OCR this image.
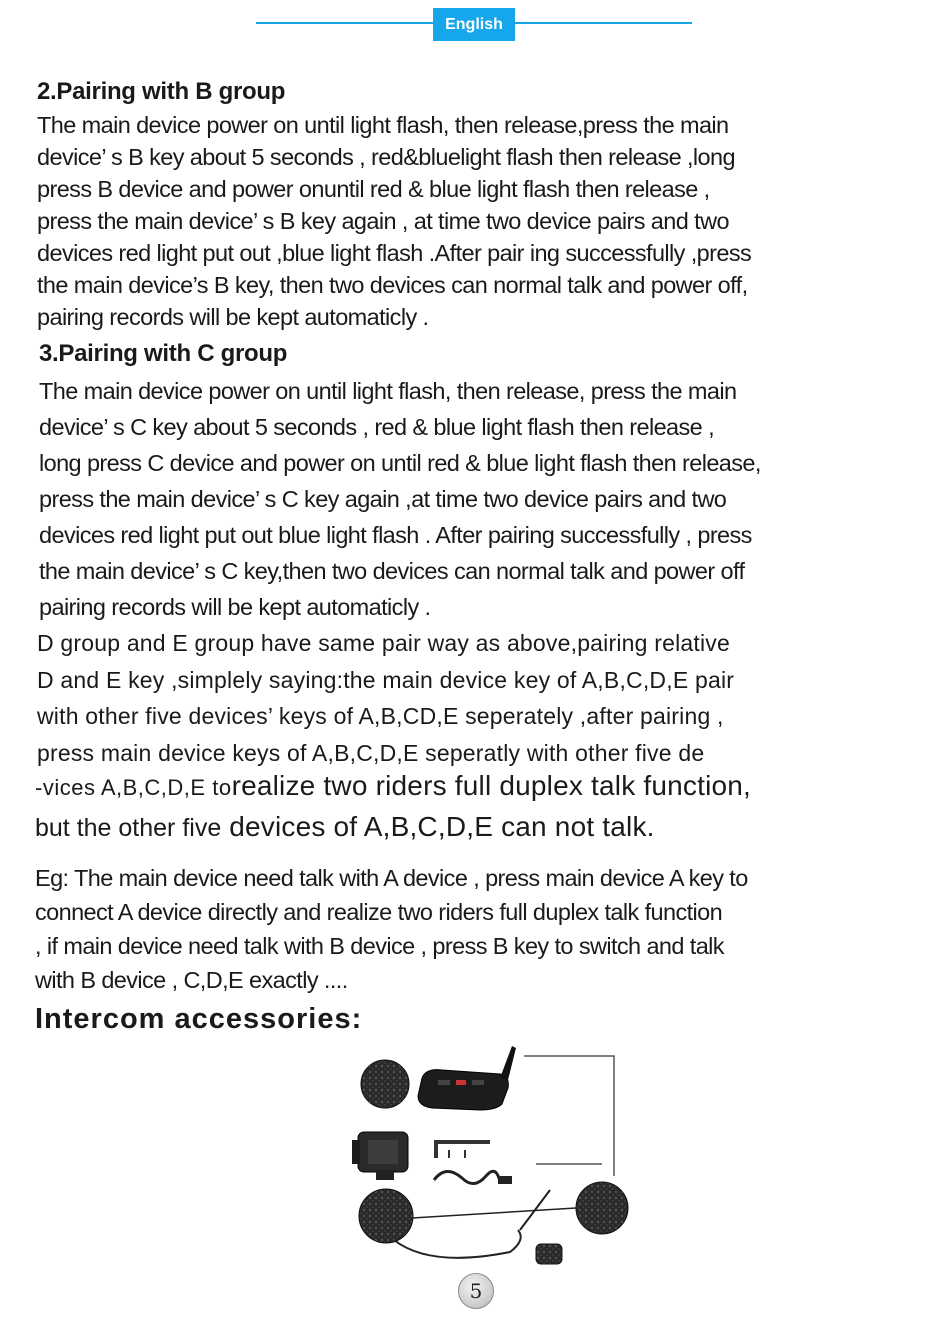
English
2.Pairing with B group
The main device power on until light flash, then release,press the main
device’ s B key about 5 seconds , red&bluelight flash then release ,long
press B device and power onuntil red & blue light flash then release ,
press the main device’ s B key again , at time two device pairs and two
devices red light put out ,blue light flash .After pair ing successfully ,press
the main device’s B key, then two devices can normal talk and power off,
pairing records will be kept automaticly .
3.Pairing with C group
The main device power on until light flash, then release, press the main
device’ s C key about 5 seconds , red & blue light flash then release ,
long press C device and power on until red & blue light flash then release,
press the main device’ s C key again ,at time two device pairs and two
devices red light put out blue light flash . After pairing successfully , press
the main device’ s C key,then two devices can normal talk and power off
pairing records will be kept automaticly .
D group and E group have same pair way as above,pairing relative
D and E key ,simplely saying:the main device key of A,B,C,D,E pair
with other five devices’ keys of A,B,CD,E seperately ,after pairing ,
press main device keys of A,B,C,D,E seperatly with other five de
-vices A,B,C,D,E torealize two riders full duplex talk function,
but the other five devices of A,B,C,D,E can not talk.
Eg: The main device need talk with A device , press main device A key to
connect A device directly and realize two riders full duplex talk function
, if main device need talk with B device , press B key to switch and talk
with B device , C,D,E exactly ....
Intercom accessories:
5
